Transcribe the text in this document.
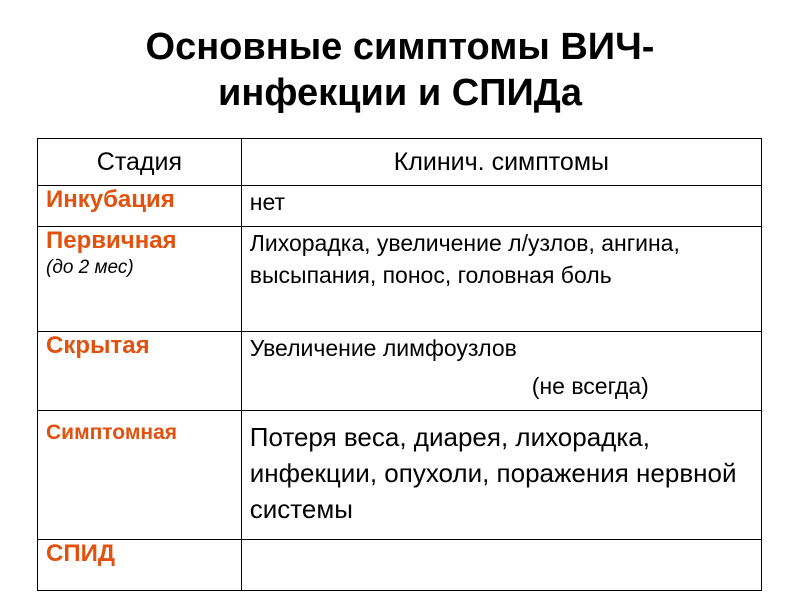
Основные симптомы ВИЧ-
инфекции и СПИДа
Стадия	Клинич. симптомы
Инкубация	нет
Первичная
(до 2 мес)	Лихорадка, увеличение л/узлов, ангина, высыпания, понос, головная боль
Скрытая	Увеличение лимфоузлов
(не всегда)

Симптомная	Потеря веса, диарея, лихорадка, инфекции, опухоли, поражения нервной системы
СПИД	
